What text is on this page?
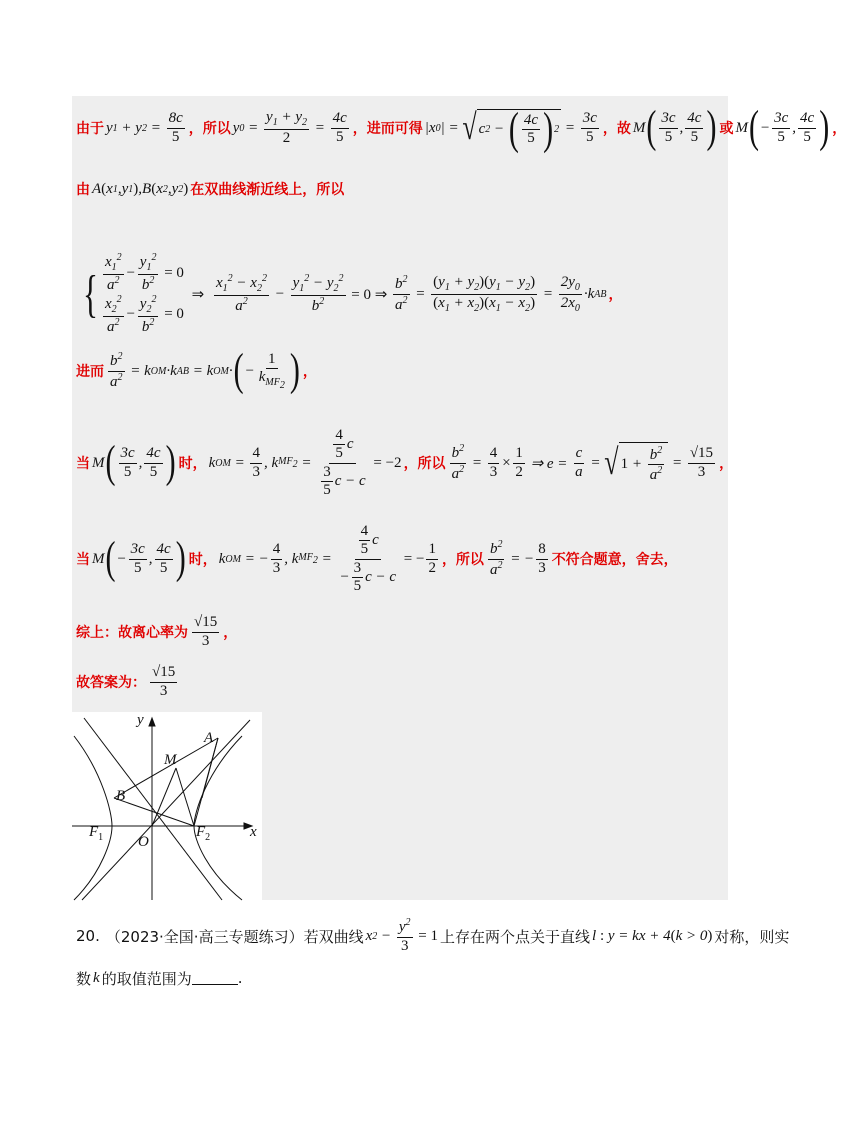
由于 y 1 + y $2 = \frac{8c}{5}$ ，所以 y $0 = \frac{y_1 + y_2}{2} = \frac{4c}{5}$ ，进而可得 |x 0 | = √ c 2 − ( $\frac{4c}{5}$ ) $2 = \frac{3c}{5}$ ，故 M ( $\frac{3c}{5}$ , $\frac{4c}{5}$ ) 或 M ( − $\frac{3c}{5}$ , $\frac{4c}{5}$ ) ，
由 A ( x 1 ,y 1 ) ,B ( x 2 ,y 2 ) 在双曲线渐近线上，所以
{ $\frac{x_1^2}{a^2} - \frac{y_1^2}{b^2} = 0$
$\frac{x_2^2}{a^2} - \frac{y_2^2}{b^2} = 0$
⇒ $\frac{x_1^2 - x_2^2}{a^2} - \frac{y_1^2 - y_2^2}{b^2} = 0$ ⇒ $\frac{b^2}{a^2} = \frac{(y_1 + y_2)(y_1 - y_2)}{(x_1 + x_2)(x_1 - x_2)} = \frac{2y_0}{2x_0} \cdot k$ AB ，
进而 $\frac{b^2}{a^2} = k$ OM ·k AB = k OM · ( − $\frac{1}{k_{MF_2}}$ ) ，
当 M ( $\frac{3c}{5}$ , $\frac{4c}{5}$ ) 时， k OM = $\frac{4}{3}$ , k $MF_2 = \frac{\frac{4}{5} c}{\frac{3}{5} c - c} = -2$ ，所以 $\frac{b^2}{a^2} = \frac{4}{3} \times \frac{1}{2}$ ⇒ $e = \frac{c}{a}$ = √ $1 + \frac{b^2}{a^2} = \frac{√15}{3}$ ，
当 M ( − $\frac{3c}{5}$ , $\frac{4c}{5}$ ) 时， k OM = − $\frac{4}{3}$ , k $MF_2 = \frac{\frac{4}{5} c}{- \frac{3}{5} c - c}$ = − $\frac{1}{2}$ ，所以 $\frac{b^2}{a^2}$ = − $\frac{8}{3}$ 不符合题意，舍去，
综上：故离心率为 $\frac{√15}{3}$ ，
故答案为： $\frac{√15}{3}$
y
x
A
M
B
$F_1$ O
$F_2$
20. （2023·全国·高三专题练习）若双曲线 x $2 - \frac{y^2}{3} = 1$ 上存在两个点关于直线 l : y = kx + 4 ( k > 0 ) 对称，则实
数 k 的取值范围为	.
